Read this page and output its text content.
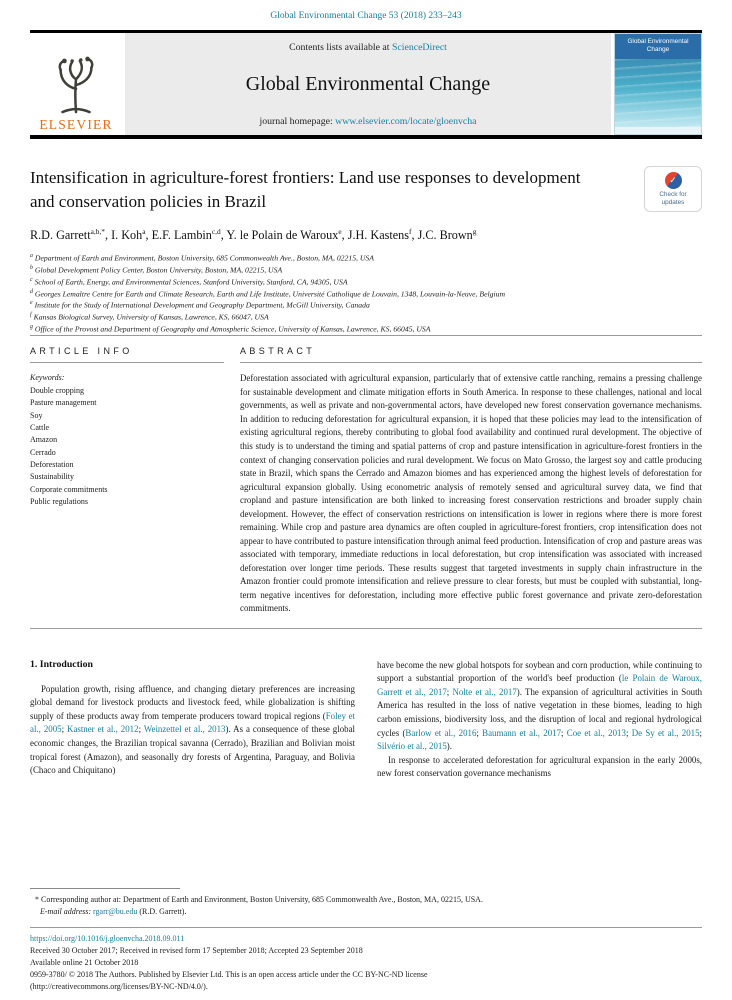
Global Environmental Change 53 (2018) 233–243
ELSEVIER
Contents lists available at ScienceDirect
Global Environmental Change
journal homepage: www.elsevier.com/locate/gloenvcha
Global Environmental Change
Intensification in agriculture-forest frontiers: Land use responses to development and conservation policies in Brazil
✓
Check for
updates
R.D. Garrett$^{a,b,*}$ , I. Koh$^a$ , E.F. Lambin$^{c,d}$ , Y. le Polain de Waroux$^e$ , J.H. Kastens$^f$ , J.C. Brown$^g$
$^a$ Department of Earth and Environment, Boston University, 685 Commonwealth Ave., Boston, MA, 02215, USA
$^b$ Global Development Policy Center, Boston University, Boston, MA, 02215, USA
$^c$ School of Earth, Energy, and Environmental Sciences, Stanford University, Stanford, CA, 94305, USA
$^d$ Georges Lemaître Centre for Earth and Climate Research, Earth and Life Institute, Université Catholique de Louvain, 1348, Louvain-la-Neuve, Belgium
$^e$ Institute for the Study of International Development and Geography Department, McGill University, Canada
$^f$ Kansas Biological Survey, University of Kansas, Lawrence, KS, 66047, USA
$^g$ Office of the Provost and Department of Geography and Atmospheric Science, University of Kansas, Lawrence, KS, 66045, USA
ARTICLE INFO
Keywords:
Double cropping
Pasture management
Soy
Cattle
Amazon
Cerrado
Deforestation
Sustainability
Corporate commitments
Public regulations
ABSTRACT

Deforestation associated with agricultural expansion, particularly that of extensive cattle ranching, remains a pressing challenge for sustainable development and climate mitigation efforts in South America. In response to these challenges, national and local governments, as well as private and non-governmental actors, have developed new forest conservation governance mechanisms. In addition to reducing deforestation for agricultural expansion, it is hoped that these policies may lead to the intensification of existing agricultural regions, thereby contributing to global food availability and continued rural development. The objective of this study is to understand the timing and spatial patterns of crop and pasture intensification in agriculture-forest frontiers in the context of changing conservation policies and rural development. We focus on Mato Grosso, the largest soy and cattle producing state in Brazil, which spans the Cerrado and Amazon biomes and has experienced among the highest levels of deforestation for agricultural expansion globally. Using econometric analysis of remotely sensed and agricultural survey data, we find that cropland and pasture intensification are both linked to increasing forest conservation restrictions and broader supply chain development. However, the effect of conservation restrictions on intensification is lower in regions where there is more forest remaining. While crop and pasture area dynamics are often coupled in agriculture-forest frontiers, crop intensification does not appear to have contributed to pasture intensification through animal feed production. Intensification of crop and pasture areas was associated with temporary, immediate reductions in local deforestation, but crop intensification was associated with increased deforestation over longer time periods. These results suggest that targeted investments in supply chain infrastructure in the Amazon frontier could promote intensification and relieve pressure to clear forests, but must be coupled with substantial, long-term negative incentives for deforestation, including more effective public forest governance and private zero-deforestation commitments.

1. Introduction

Population growth, rising affluence, and changing dietary preferences are increasing global demand for livestock products and livestock feed, while globalization is shifting supply of these products away from temperate producers toward tropical regions (Foley et al., 2005; Kastner et al., 2012; Weinzettel et al., 2013). As a consequence of these global economic changes, the Brazilian tropical savanna (Cerrado), Brazilian and Bolivian moist tropical forest (Amazon), and seasonally dry forests of Argentina, Paraguay, and Bolivia (Chaco and Chiquitano)

have become the new global hotspots for soybean and corn production, while continuing to support a substantial proportion of the world's beef production (le Polain de Waroux, Garrett et al., 2017; Nolte et al., 2017). The expansion of agricultural activities in South America has resulted in the loss of native vegetation in these biomes, leading to high carbon emissions, biodiversity loss, and the disruption of local and regional hydrological cycles (Barlow et al., 2016; Baumann et al., 2017; Coe et al., 2013; De Sy et al., 2015; Silvério et al., 2015).

In response to accelerated deforestation for agricultural expansion in the early 2000s, new forest conservation governance mechanisms

* Corresponding author at: Department of Earth and Environment, Boston University, 685 Commonwealth Ave., Boston, MA, 02215, USA.

E-mail address: rgarr@bu.edu (R.D. Garrett).

https://doi.org/10.1016/j.gloenvcha.2018.09.011
Received 30 October 2017; Received in revised form 17 September 2018; Accepted 23 September 2018
Available online 21 October 2018
0959-3780/ © 2018 The Authors. Published by Elsevier Ltd. This is an open access article under the CC BY-NC-ND license
(http://creativecommons.org/licenses/BY-NC-ND/4.0/).
